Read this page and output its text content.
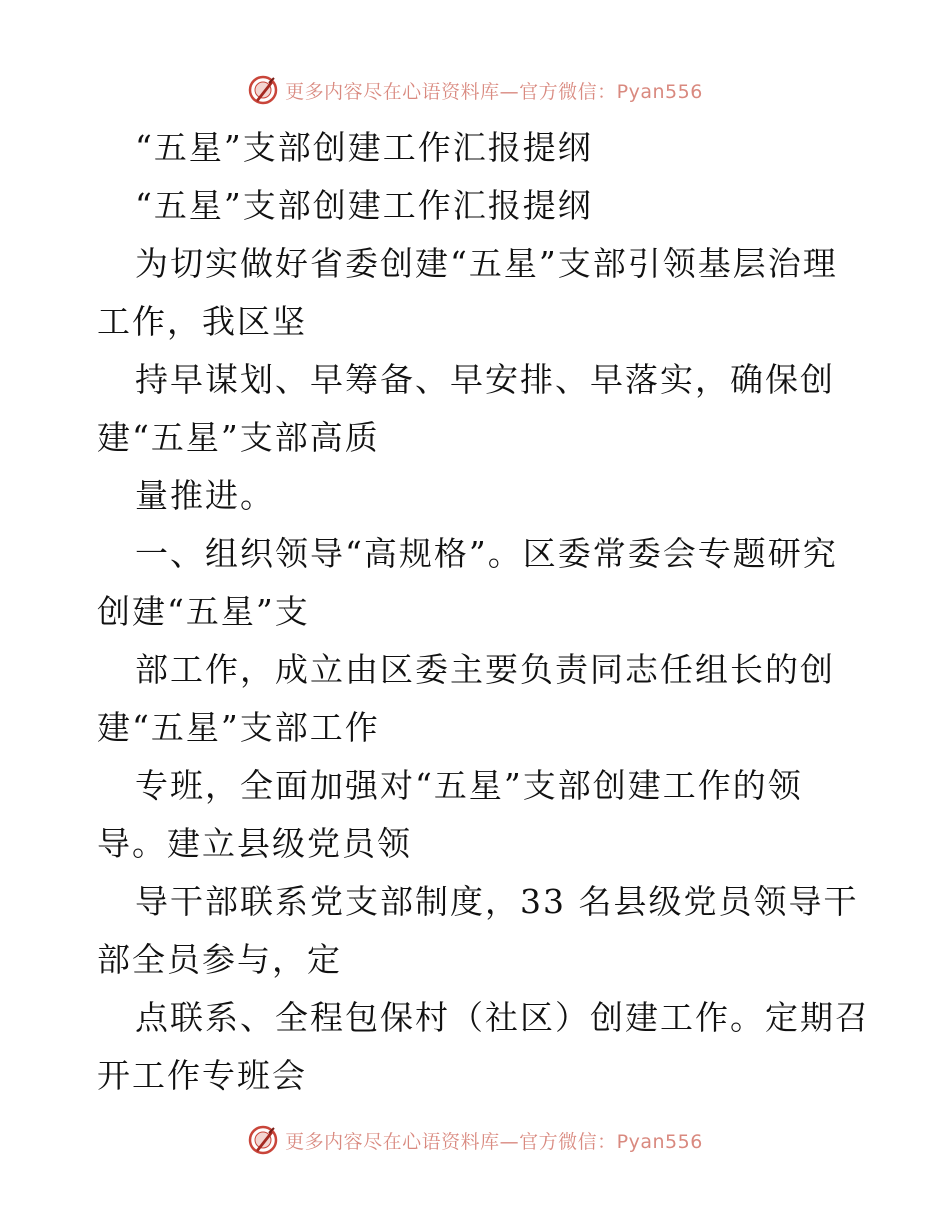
更多内容尽在心语资料库—官方微信：Pyan556
“五星”支部创建工作汇报提纲
“五星”支部创建工作汇报提纲
为切实做好省委创建“五星”支部引领基层治理
工作，我区坚
持早谋划、早筹备、早安排、早落实，确保创
建“五星”支部高质
量推进。
一、组织领导“高规格”。区委常委会专题研究
创建“五星”支
部工作，成立由区委主要负责同志任组长的创
建“五星”支部工作
专班，全面加强对“五星”支部创建工作的领
导。建立县级党员领
导干部联系党支部制度，33 名县级党员领导干
部全员参与，定
点联系、全程包保村（社区）创建工作。定期召
开工作专班会
更多内容尽在心语资料库—官方微信：Pyan556
